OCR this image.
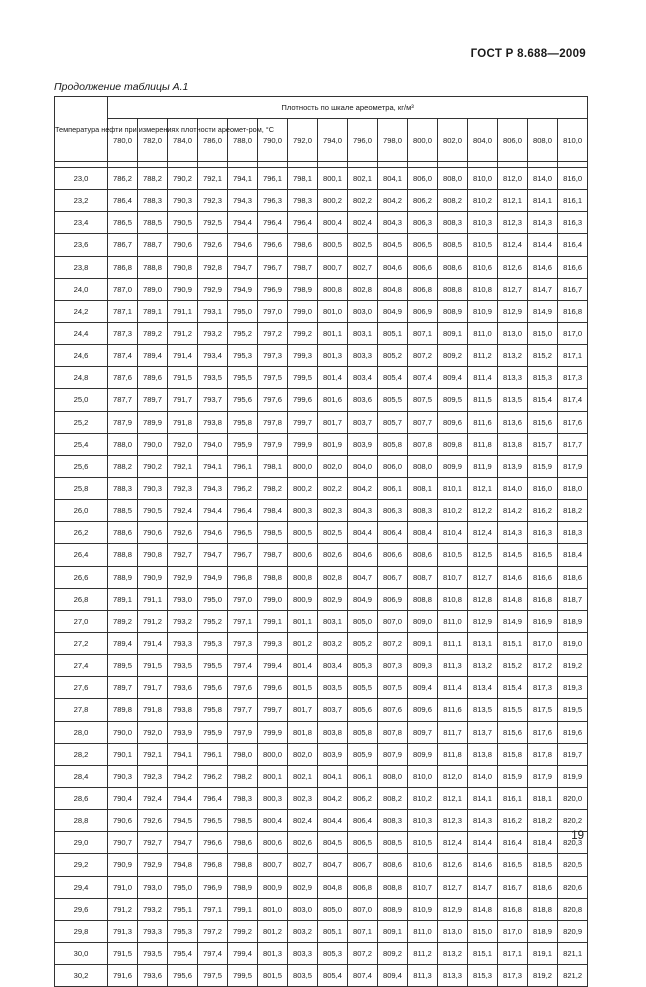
ГОСТ Р 8.688—2009
Продолжение таблицы А.1
Температура нефти при измерениях плотности ареомет-ром, °C	Плотность по шкале ареометра, кг/м³															
	780,0	782,0	784,0	786,0	788,0	790,0	792,0	794,0	796,0	798,0	800,0	802,0	804,0	806,0	808,0	810,0

23,0	786,2	788,2	790,2	792,1	794,1	796,1	798,1	800,1	802,1	804,1	806,0	808,0	810,0	812,0	814,0	816,0
23,2	786,4	788,3	790,3	792,3	794,3	796,3	798,3	800,2	802,2	804,2	806,2	808,2	810,2	812,1	814,1	816,1
23,4	786,5	788,5	790,5	792,5	794,4	796,4	796,4	800,4	802,4	804,3	806,3	808,3	810,3	812,3	814,3	816,3
23,6	786,7	788,7	790,6	792,6	794,6	796,6	798,6	800,5	802,5	804,5	806,5	808,5	810,5	812,4	814,4	816,4
23,8	786,8	788,8	790,8	792,8	794,7	796,7	798,7	800,7	802,7	804,6	806,6	808,6	810,6	812,6	814,6	816,6
24,0	787,0	789,0	790,9	792,9	794,9	796,9	798,9	800,8	802,8	804,8	806,8	808,8	810,8	812,7	814,7	816,7
24,2	787,1	789,1	791,1	793,1	795,0	797,0	799,0	801,0	803,0	804,9	806,9	808,9	810,9	812,9	814,9	816,8
24,4	787,3	789,2	791,2	793,2	795,2	797,2	799,2	801,1	803,1	805,1	807,1	809,1	811,0	813,0	815,0	817,0
24,6	787,4	789,4	791,4	793,4	795,3	797,3	799,3	801,3	803,3	805,2	807,2	809,2	811,2	813,2	815,2	817,1
24,8	787,6	789,6	791,5	793,5	795,5	797,5	799,5	801,4	803,4	805,4	807,4	809,4	811,4	813,3	815,3	817,3
25,0	787,7	789,7	791,7	793,7	795,6	797,6	799,6	801,6	803,6	805,5	807,5	809,5	811,5	813,5	815,4	817,4
25,2	787,9	789,9	791,8	793,8	795,8	797,8	799,7	801,7	803,7	805,7	807,7	809,6	811,6	813,6	815,6	817,6
25,4	788,0	790,0	792,0	794,0	795,9	797,9	799,9	801,9	803,9	805,8	807,8	809,8	811,8	813,8	815,7	817,7
25,6	788,2	790,2	792,1	794,1	796,1	798,1	800,0	802,0	804,0	806,0	808,0	809,9	811,9	813,9	815,9	817,9
25,8	788,3	790,3	792,3	794,3	796,2	798,2	800,2	802,2	804,2	806,1	808,1	810,1	812,1	814,0	816,0	818,0
26,0	788,5	790,5	792,4	794,4	796,4	798,4	800,3	802,3	804,3	806,3	808,3	810,2	812,2	814,2	816,2	818,2
26,2	788,6	790,6	792,6	794,6	796,5	798,5	800,5	802,5	804,4	806,4	808,4	810,4	812,4	814,3	816,3	818,3
26,4	788,8	790,8	792,7	794,7	796,7	798,7	800,6	802,6	804,6	806,6	808,6	810,5	812,5	814,5	816,5	818,4
26,6	788,9	790,9	792,9	794,9	796,8	798,8	800,8	802,8	804,7	806,7	808,7	810,7	812,7	814,6	816,6	818,6
26,8	789,1	791,1	793,0	795,0	797,0	799,0	800,9	802,9	804,9	806,9	808,8	810,8	812,8	814,8	816,8	818,7
27,0	789,2	791,2	793,2	795,2	797,1	799,1	801,1	803,1	805,0	807,0	809,0	811,0	812,9	814,9	816,9	818,9
27,2	789,4	791,4	793,3	795,3	797,3	799,3	801,2	803,2	805,2	807,2	809,1	811,1	813,1	815,1	817,0	819,0
27,4	789,5	791,5	793,5	795,5	797,4	799,4	801,4	803,4	805,3	807,3	809,3	811,3	813,2	815,2	817,2	819,2
27,6	789,7	791,7	793,6	795,6	797,6	799,6	801,5	803,5	805,5	807,5	809,4	811,4	813,4	815,4	817,3	819,3
27,8	789,8	791,8	793,8	795,8	797,7	799,7	801,7	803,7	805,6	807,6	809,6	811,6	813,5	815,5	817,5	819,5
28,0	790,0	792,0	793,9	795,9	797,9	799,9	801,8	803,8	805,8	807,8	809,7	811,7	813,7	815,6	817,6	819,6
28,2	790,1	792,1	794,1	796,1	798,0	800,0	802,0	803,9	805,9	807,9	809,9	811,8	813,8	815,8	817,8	819,7
28,4	790,3	792,3	794,2	796,2	798,2	800,1	802,1	804,1	806,1	808,0	810,0	812,0	814,0	815,9	817,9	819,9
28,6	790,4	792,4	794,4	796,4	798,3	800,3	802,3	804,2	806,2	808,2	810,2	812,1	814,1	816,1	818,1	820,0
28,8	790,6	792,6	794,5	796,5	798,5	800,4	802,4	804,4	806,4	808,3	810,3	812,3	814,3	816,2	818,2	820,2
29,0	790,7	792,7	794,7	796,6	798,6	800,6	802,6	804,5	806,5	808,5	810,5	812,4	814,4	816,4	818,4	820,3
29,2	790,9	792,9	794,8	796,8	798,8	800,7	802,7	804,7	806,7	808,6	810,6	812,6	814,6	816,5	818,5	820,5
29,4	791,0	793,0	795,0	796,9	798,9	800,9	802,9	804,8	806,8	808,8	810,7	812,7	814,7	816,7	818,6	820,6
29,6	791,2	793,2	795,1	797,1	799,1	801,0	803,0	805,0	807,0	808,9	810,9	812,9	814,8	816,8	818,8	820,8
29,8	791,3	793,3	795,3	797,2	799,2	801,2	803,2	805,1	807,1	809,1	811,0	813,0	815,0	817,0	818,9	820,9
30,0	791,5	793,5	795,4	797,4	799,4	801,3	803,3	805,3	807,2	809,2	811,2	813,2	815,1	817,1	819,1	821,1
30,2	791,6	793,6	795,6	797,5	799,5	801,5	803,5	805,4	807,4	809,4	811,3	813,3	815,3	817,3	819,2	821,2
19
